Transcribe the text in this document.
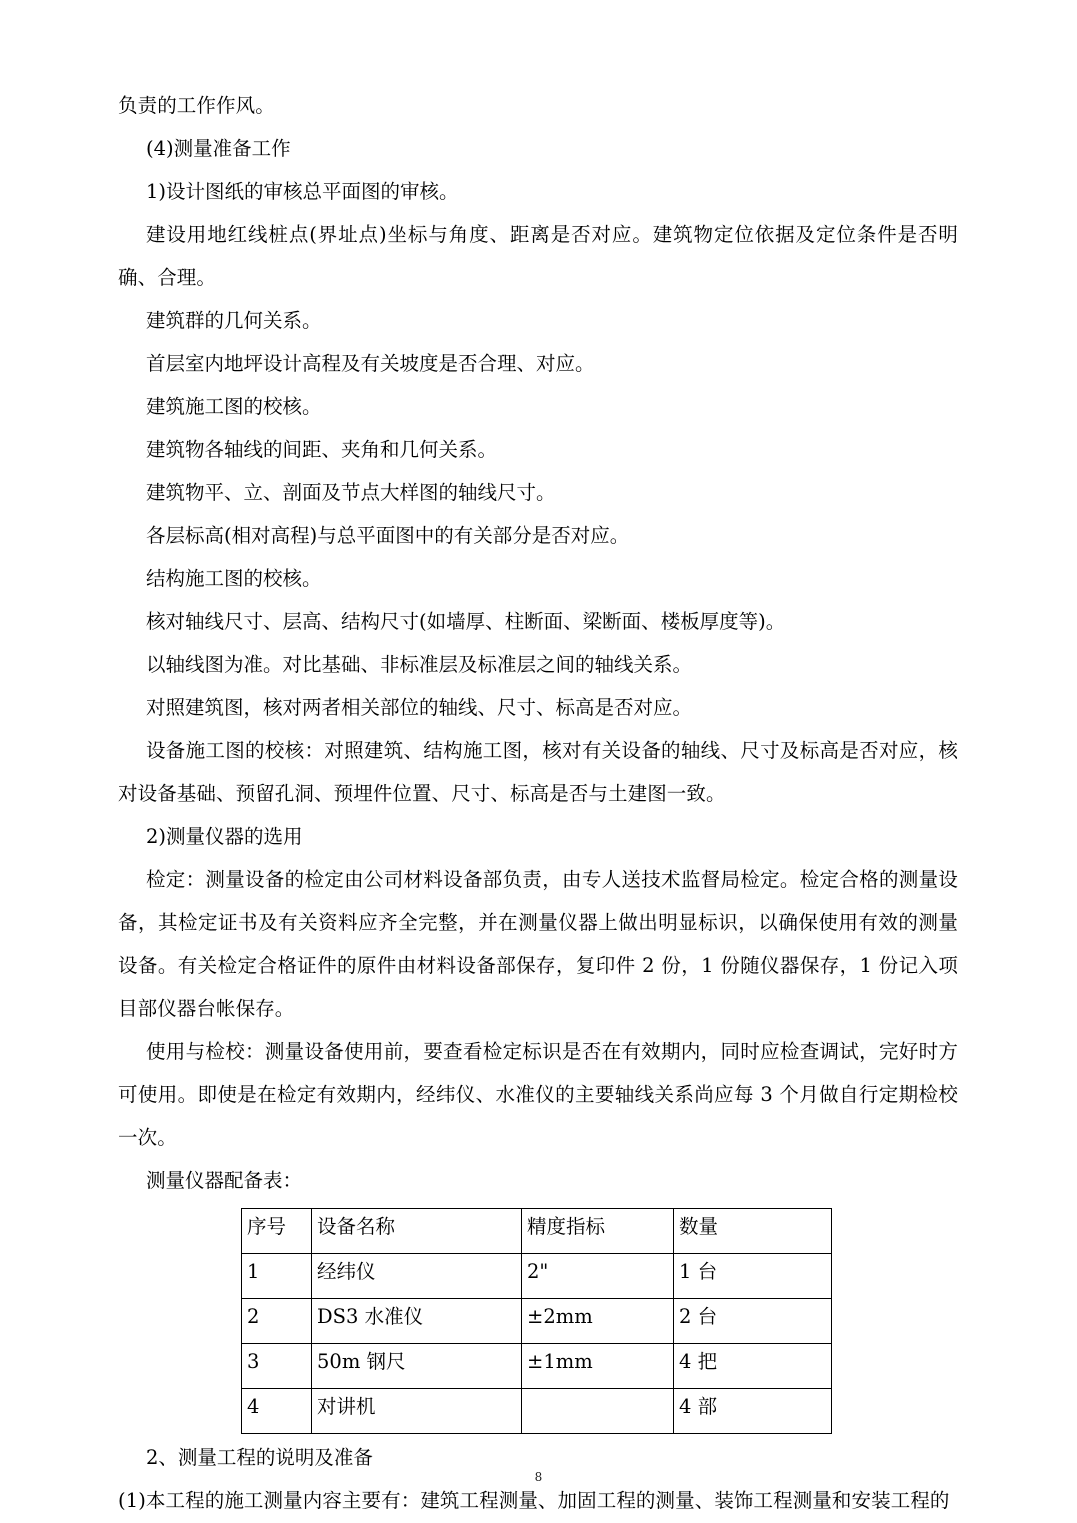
负责的工作作风。

(4)测量准备工作

1)设计图纸的审核总平面图的审核。

建设用地红线桩点(界址点)坐标与角度、距离是否对应。建筑物定位依据及定位条件是否明确、合理。

建筑群的几何关系。

首层室内地坪设计高程及有关坡度是否合理、对应。

建筑施工图的校核。

建筑物各轴线的间距、夹角和几何关系。

建筑物平、立、剖面及节点大样图的轴线尺寸。

各层标高(相对高程)与总平面图中的有关部分是否对应。

结构施工图的校核。

核对轴线尺寸、层高、结构尺寸(如墙厚、柱断面、梁断面、楼板厚度等)。

以轴线图为准。对比基础、非标准层及标准层之间的轴线关系。

对照建筑图，核对两者相关部位的轴线、尺寸、标高是否对应。

设备施工图的校核：对照建筑、结构施工图，核对有关设备的轴线、尺寸及标高是否对应，核对设备基础、预留孔洞、预埋件位置、尺寸、标高是否与土建图一致。

2)测量仪器的选用

检定：测量设备的检定由公司材料设备部负责，由专人送技术监督局检定。检定合格的测量设备，其检定证书及有关资料应齐全完整，并在测量仪器上做出明显标识，以确保使用有效的测量设备。有关检定合格证件的原件由材料设备部保存，复印件 2 份，1 份随仪器保存，1 份记入项目部仪器台帐保存。

使用与检校：测量设备使用前，要查看检定标识是否在有效期内，同时应检查调试，完好时方可使用。即使是在检定有效期内，经纬仪、水准仪的主要轴线关系尚应每 3 个月做自行定期检校一次。

测量仪器配备表：

序号	设备名称	精度指标	数量
1	经纬仪	2"	1 台
2	DS3 水准仪	±2mm	2 台
3	50m 钢尺	±1mm	4 把
4	对讲机		4 部

2、测量工程的说明及准备

(1)本工程的施工测量内容主要有：建筑工程测量、加固工程的测量、装饰工程测量和安装工程的

8
